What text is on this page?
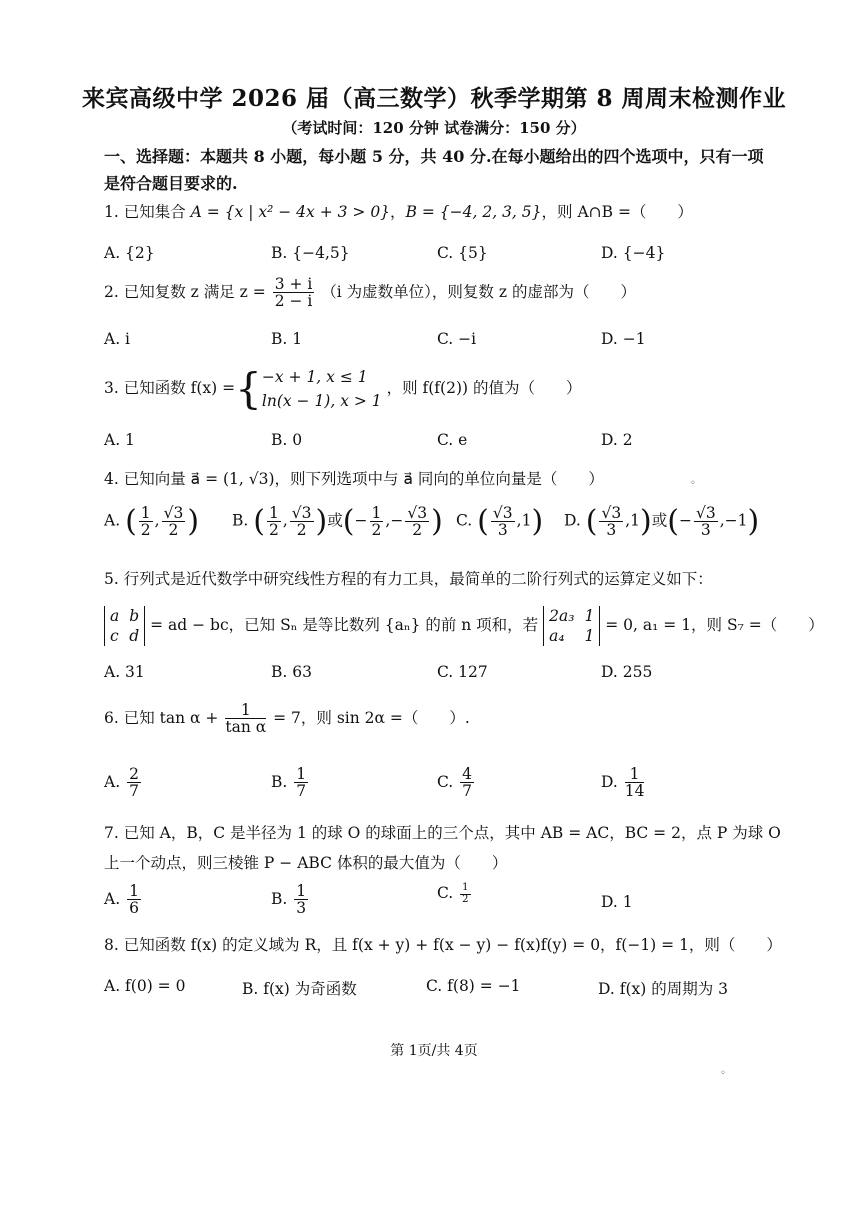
来宾高级中学 2026 届（高三数学）秋季学期第 8 周周末检测作业
（考试时间：120 分钟 试卷满分：150 分）
一、选择题：本题共 8 小题，每小题 5 分，共 40 分.在每小题给出的四个选项中，只有一项是符合题目要求的.
1. 已知集合 A = {x | x² − 4x + 3 > 0}，B = {−4, 2, 3, 5}，则 A∩B =（　　）
A. {2}	B. {−4,5}	C. {5}	D. {−4}
2. 已知复数 z 满足 $z = \frac{3 + i}{2 - i} (i$ 为虚数单位），则复数 z 的虚部为（　　）
A. i	B. 1	C. −i	D. −1
3. 已知函数 f(x) ={ −x + 1, x ≤ 1
ln(x − 1), x > 1
，则 f(f(2)) 的值为（　　）
A. 1	B. 0	C. e	D. 2
4. 已知向量 a⃗ = (1, √3)，则下列选项中与 a⃗ 同向的单位向量是（　　）
A. ( $\frac{1}{2}$ , $\frac{√3}{2}$ ) B. ( $\frac{1}{2}$ , $\frac{√3}{2}$ )或(− $\frac{1}{2}$ ,− $\frac{√3}{2}$ ) C. ( $\frac{√3}{3} ,1$) D. ( $\frac{√3}{3} ,1$)或(− $\frac{√3}{3} ,-1$)
◦
5. 行列式是近代数学中研究线性方程的有力工具，最简单的二阶行列式的运算定义如下：
a	b
c	d = ad − bc，已知 Sₙ 是等比数列 {aₙ} 的前 n 项和，若 2a₃	1
a₄	1 = 0, a₁ = 1，则 S₇ =（　　）
A. 31	B. 63	C. 127	D. 255
6. 已知 $\tan \alpha + \frac{1}{\text{tan α}} = 7$，则 sin 2α =（　　）.
A. $\frac{2}{7}$	B. $\frac{1}{7}$	C. $\frac{4}{7}$	D. $\frac{1}{14}$
7. 已知 A，B，C 是半径为 1 的球 O 的球面上的三个点，其中 AB = AC，BC = 2，点 P 为球 O
上一个动点，则三棱锥 P − ABC 体积的最大值为（　　）
A. $\frac{1}{6}$	B. $\frac{1}{3}$	C. $\frac{1}{2}$	D. 1
8. 已知函数 f(x) 的定义域为 R，且 f(x + y) + f(x − y) − f(x)f(y) = 0，f(−1) = 1，则（　　）
A. f(0) = 0	B. f(x) 为奇函数	C. f(8) = −1	D. f(x) 的周期为 3
第 1页/共 4页
◦
